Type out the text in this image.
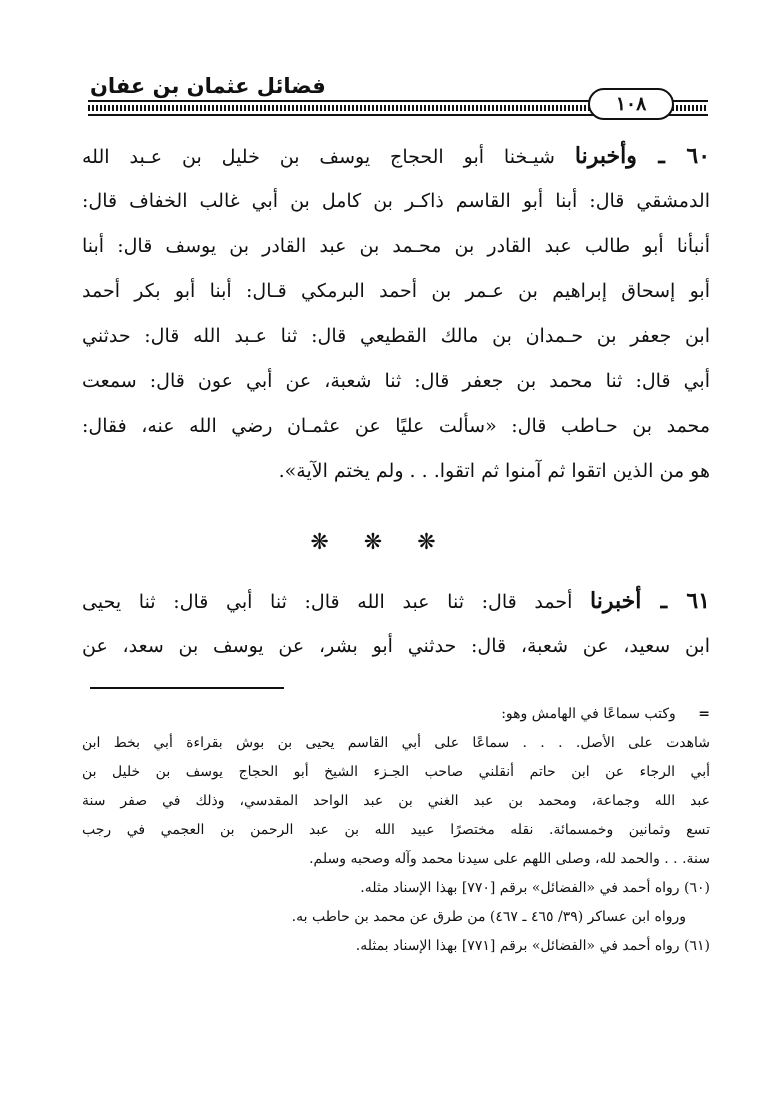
فضائل عثمان بن عفان
١٠٨
٦٠ ـ وأخبرنا شيـخنا أبو الحجاج يوسف بن خليل بن عـبد الله
الدمشقي قال: أبنا أبو القاسم ذاكـر بن كامل بن أبي غالب الخفاف قال:
أنبأنا أبو طالب عبد القادر بن محـمد بن عبد القادر بن يوسف قال: أبنا
أبو إسحاق إبراهيم بن عـمر بن أحمد البرمكي قـال: أبنا أبو بكر أحمد
ابن جعفر بن حـمدان بن مالك القطيعي قال: ثنا عـبد الله قال: حدثني
أبي قال: ثنا محمد بن جعفر قال: ثنا شعبة، عن أبي عون قال: سمعت
محمد بن حـاطب قال: «سألت عليًا عن عثمـان رضي الله عنه، فقال:
هو من الذين اتقوا ثم آمنوا ثم اتقوا. . . ولم يختم الآية».
❋ ❋ ❋
٦١ ـ أخبرنا أحمد قال: ثنا عبد الله قال: ثنا أبي قال: ثنا يحيى
ابن سعيد، عن شعبة، قال: حدثني أبو بشر، عن يوسف بن سعد، عن
= وكتب سماعًا في الهامش وهو:
شاهدت على الأصل. . . . سماعًا على أبي القاسم يحيى بن بوش بقراءة أبي بخط ابن
أبي الرجاء عن ابن حاتم أنقلني صاحب الجـزء الشيخ أبو الحجاج يوسف بن خليل بن
عبد الله وجماعة، ومحمد بن عبد الغني بن عبد الواحد المقدسي، وذلك في صفر سنة
تسع وثمانين وخمسمائة. نقله مختصرًا عبيد الله بن عبد الرحمن بن العجمي في رجب
سنة. . . والحمد لله، وصلى اللهم على سيدنا محمد وآله وصحبه وسلم.
(٦٠) رواه أحمد في «الفضائل» برقم [٧٧٠] بهذا الإسناد مثله.
ورواه ابن عساكر (٣٩/ ٤٦٥ ـ ٤٦٧) من طرق عن محمد بن حاطب به.
(٦١) رواه أحمد في «الفضائل» برقم [٧٧١] بهذا الإسناد بمثله.
